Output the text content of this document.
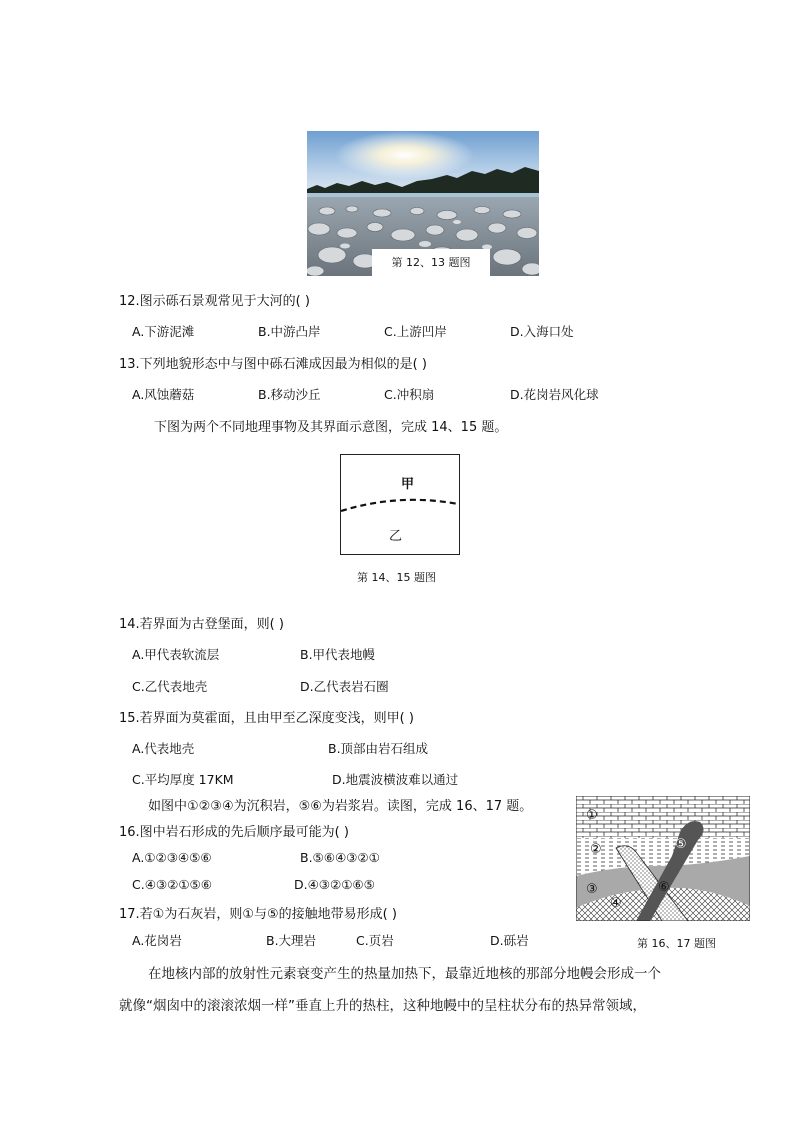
第 12、13 题图
12.图示砾石景观常见于大河的( )
A.下游泥滩	B.中游凸岸	C.上游凹岸	D.入海口处
13.下列地貌形态中与图中砾石滩成因最为相似的是( )
A.风蚀蘑菇	B.移动沙丘	C.冲积扇	D.花岗岩风化球
下图为两个不同地理事物及其界面示意图，完成 14、15 题。
甲
乙
第 14、15 题图
14.若界面为古登堡面，则( )
A.甲代表软流层	B.甲代表地幔
C.乙代表地壳	D.乙代表岩石圈
15.若界面为莫霍面，且由甲至乙深度变浅，则甲( )
A.代表地壳	B.顶部由岩石组成
C.平均厚度 17KM	D.地震波横波难以通过
如图中①②③④为沉积岩，⑤⑥为岩浆岩。读图，完成 16、17 题。
16.图中岩石形成的先后顺序最可能为( )
A.①②③④⑤⑥	B.⑤⑥④③②①
C.④③②①⑤⑥	D.④③②①⑥⑤
17.若①为石灰岩，则①与⑤的接触地带易形成( )
A.花岗岩	B.大理岩	C.页岩	D.砾岩
①
②
③
④
⑤
⑥
第 16、17 题图
在地核内部的放射性元素衰变产生的热量加热下，最靠近地核的那部分地幔会形成一个
就像“烟囱中的滚滚浓烟一样”垂直上升的热柱，这种地幔中的呈柱状分布的热异常领域，
